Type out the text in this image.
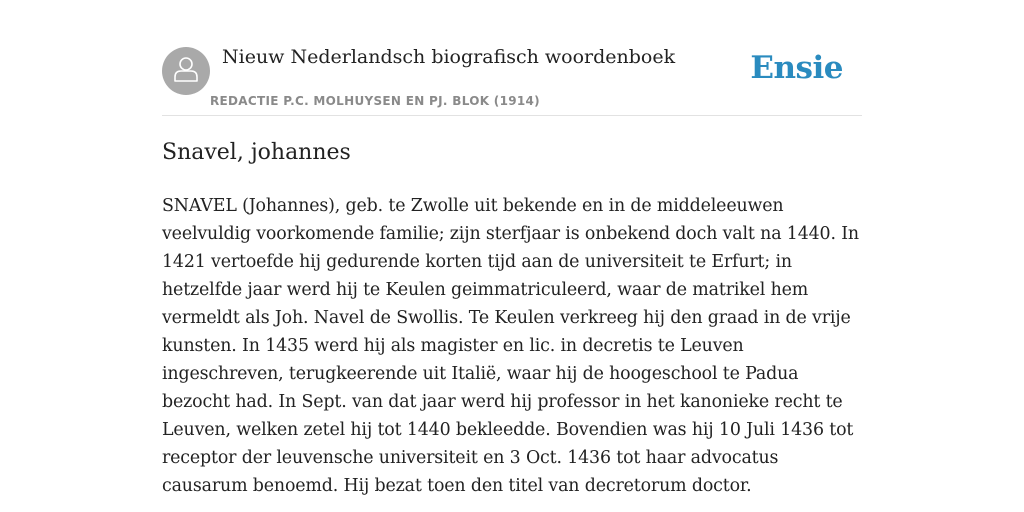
Nieuw Nederlandsch biografisch woordenboek
REDACTIE P.C. MOLHUYSEN EN PJ. BLOK (1914)
Ensie
Snavel, johannes

SNAVEL (Johannes), geb. te Zwolle uit bekende en in de middeleeuwen veelvuldig voorkomende familie; zijn sterfjaar is onbekend doch valt na 1440. In 1421 vertoefde hij gedurende korten tijd aan de universiteit te Erfurt; in hetzelfde jaar werd hij te Keulen geimmatriculeerd, waar de matrikel hem vermeldt als Joh. Navel de Swollis. Te Keulen verkreeg hij den graad in de vrije kunsten. In 1435 werd hij als magister en lic. in decretis te Leuven ingeschreven, terugkeerende uit Italië, waar hij de hoogeschool te Padua bezocht had. In Sept. van dat jaar werd hij professor in het kanonieke recht te Leuven, welken zetel hij tot 1440 bekleedde. Bovendien was hij 10 Juli 1436 tot receptor der leuvensche universiteit en 3 Oct. 1436 tot haar advocatus causarum benoemd. Hij bezat toen den titel van decretorum doctor.
